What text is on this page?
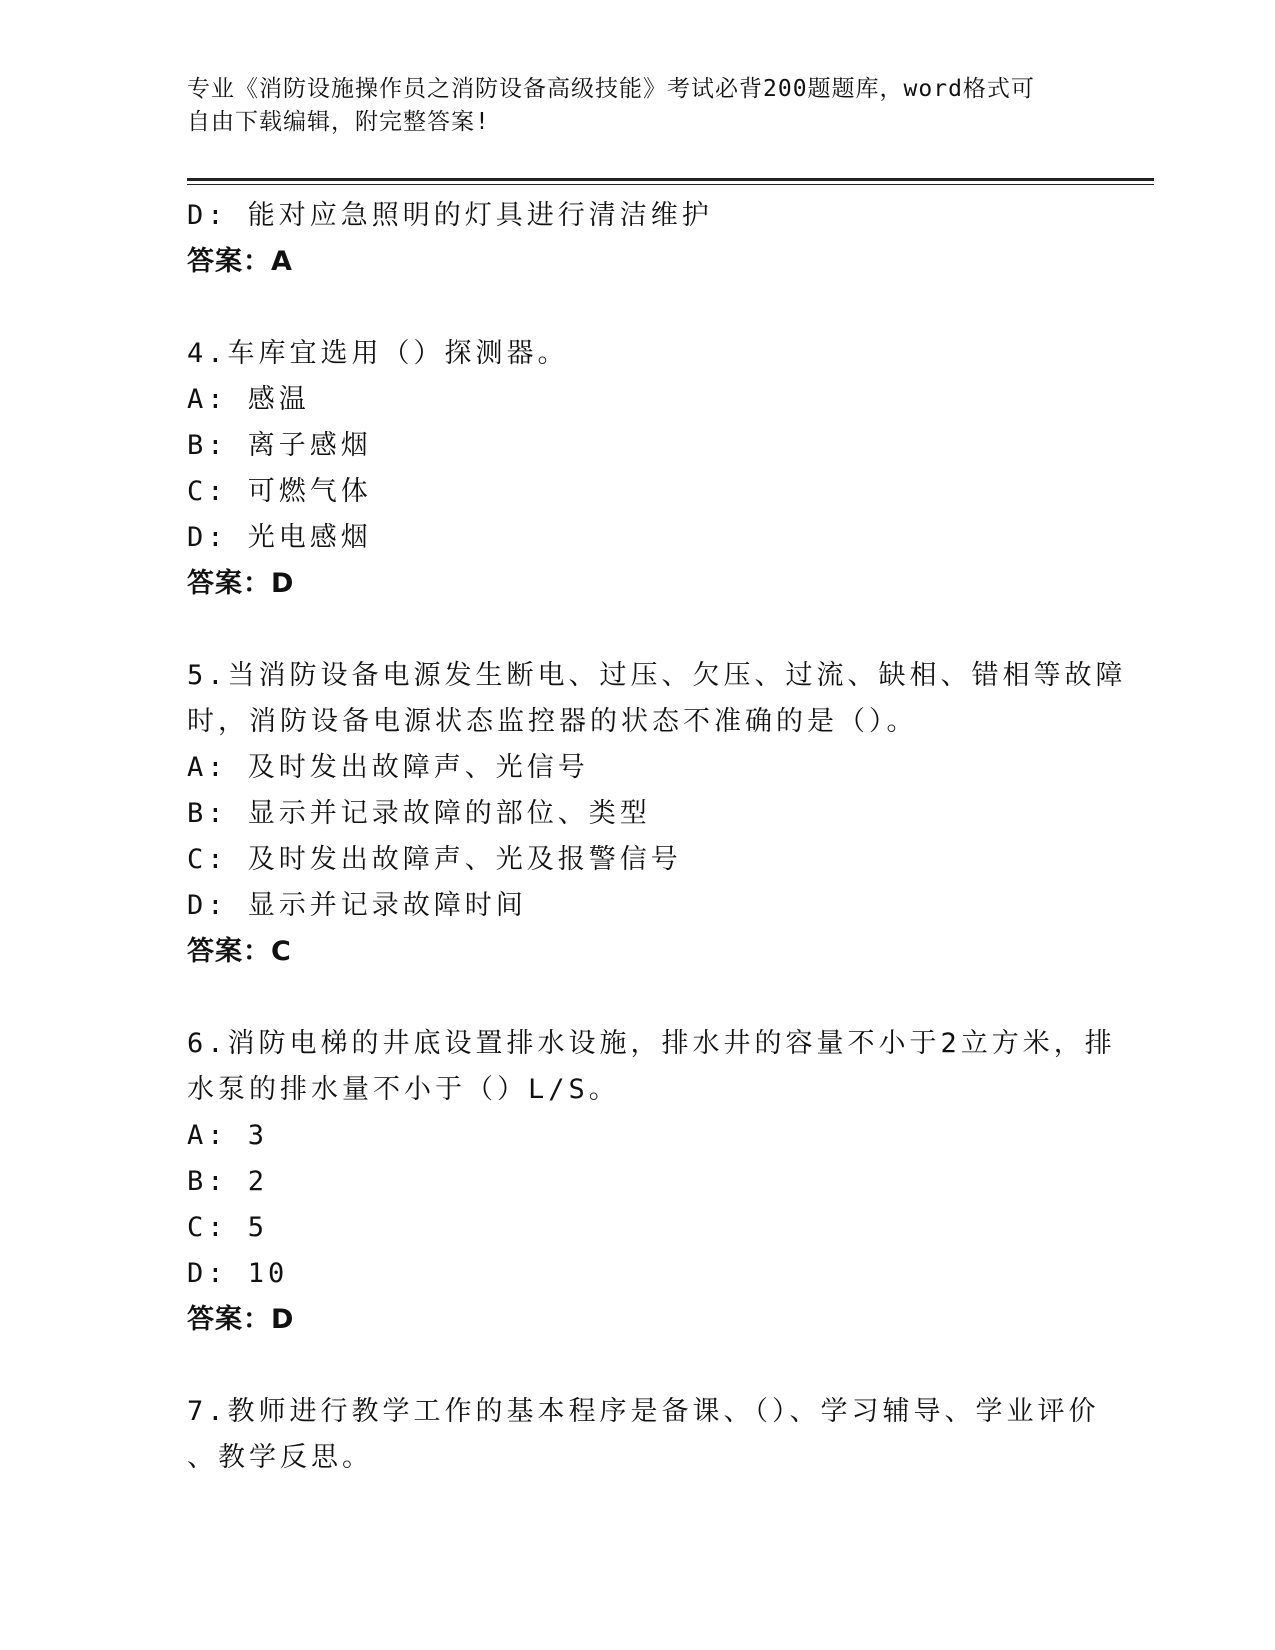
专业《消防设施操作员之消防设备高级技能》考试必背200题题库，word格式可
自由下载编辑，附完整答案!
D: 能对应急照明的灯具进行清洁维护
答案：A
4.车库宜选用（）探测器。
A: 感温
B: 离子感烟
C: 可燃气体
D: 光电感烟
答案：D
5.当消防设备电源发生断电、过压、欠压、过流、缺相、错相等故障
时，消防设备电源状态监控器的状态不准确的是（）。
A: 及时发出故障声、光信号
B: 显示并记录故障的部位、类型
C: 及时发出故障声、光及报警信号
D: 显示并记录故障时间
答案：C
6.消防电梯的井底设置排水设施，排水井的容量不小于2立方米，排
水泵的排水量不小于（）L/S。
A: 3
B: 2
C: 5
D: 10
答案：D
7.教师进行教学工作的基本程序是备课、（）、学习辅导、学业评价
、教学反思。
